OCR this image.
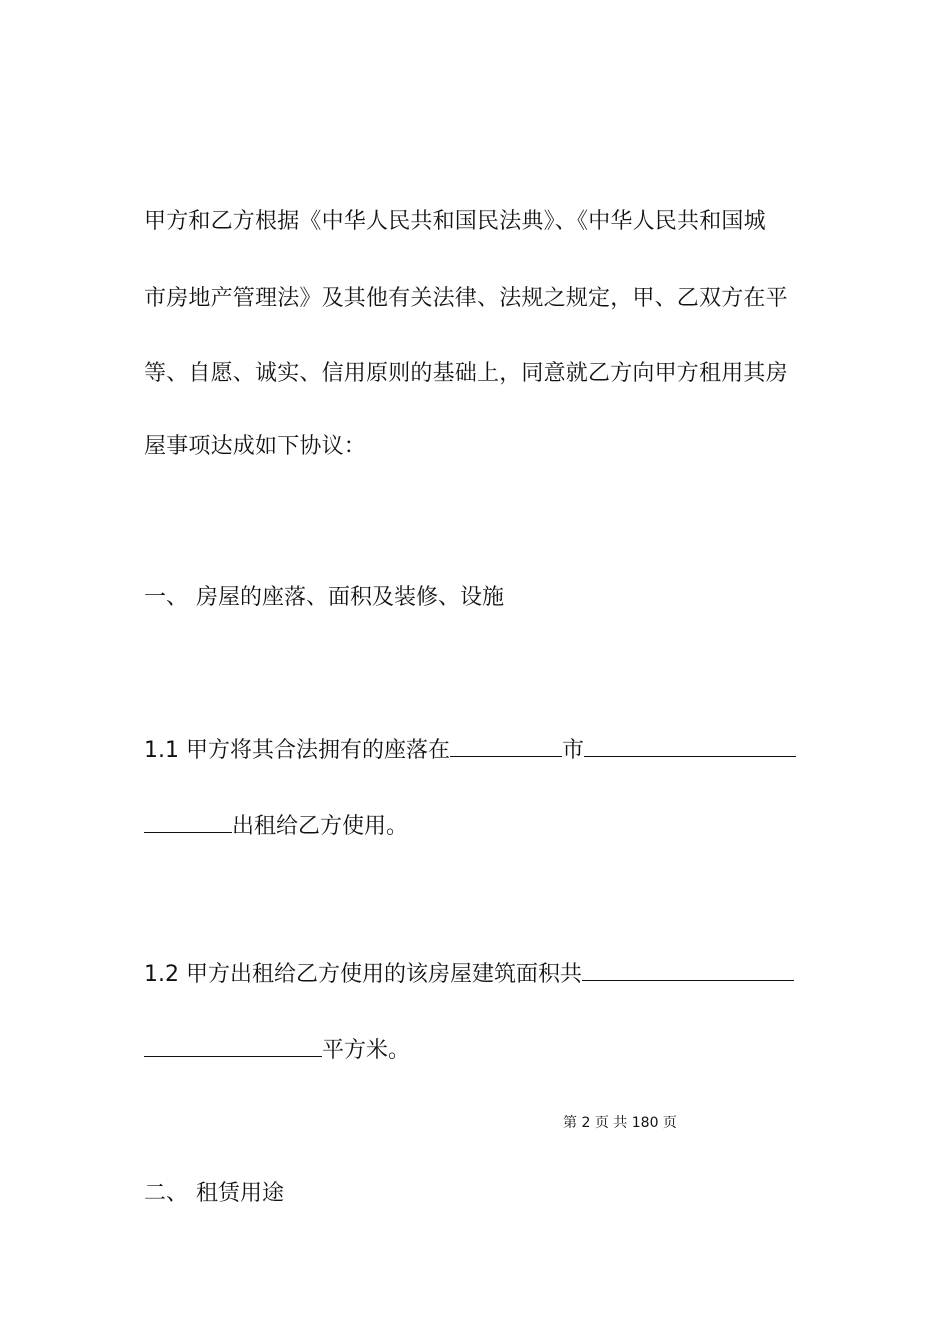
甲方和乙方根据《中华人民共和国民法典》、《中华人民共和国城
市房地产管理法》及其他有关法律、法规之规定，甲、乙双方在平
等、自愿、诚实、信用原则的基础上，同意就乙方向甲方租用其房
屋事项达成如下协议：
一、 房屋的座落、面积及装修、设施
1.1 甲方将其合法拥有的座落在	市
出租给乙方使用。
1.2 甲方出租给乙方使用的该房屋建筑面积共
平方米。
第 2 页 共 180 页
二、 租赁用途
